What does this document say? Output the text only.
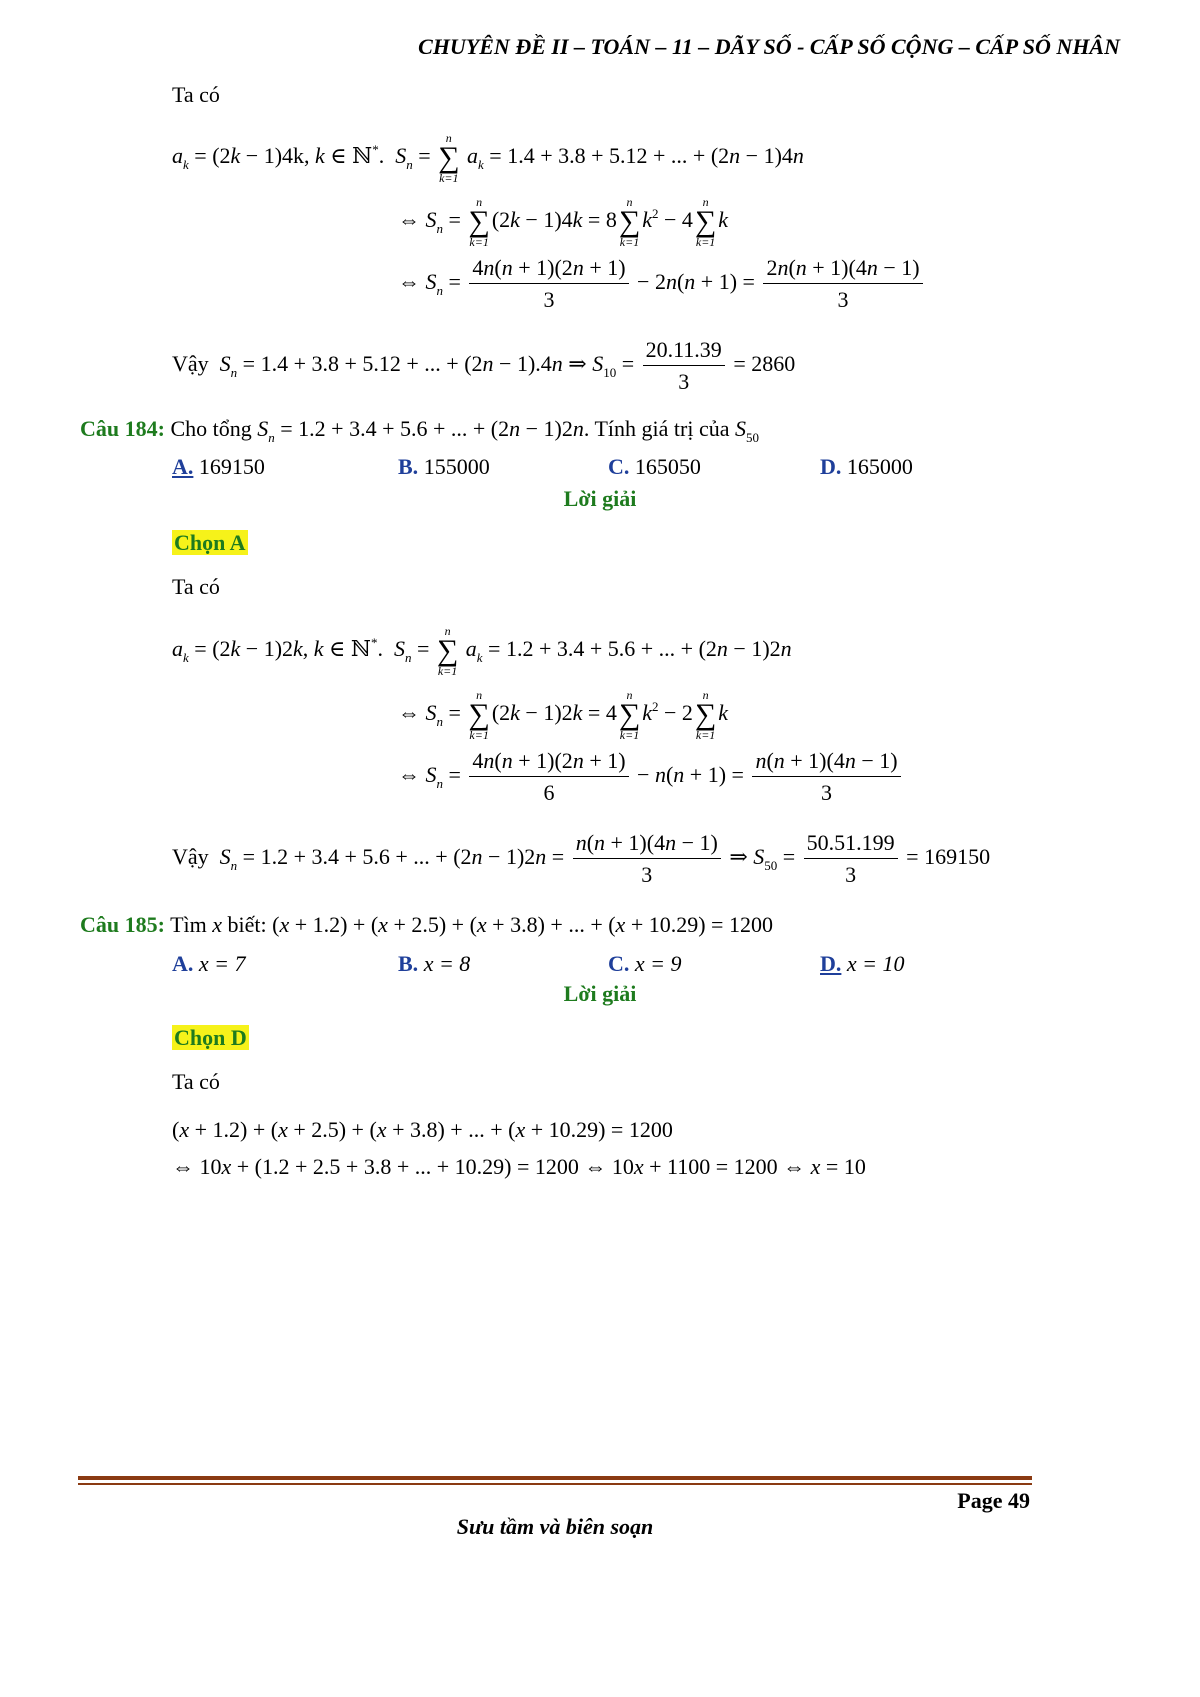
CHUYÊN ĐỀ II – TOÁN – 11 – DÃY SỐ - CẤP SỐ CỘNG – CẤP SỐ NHÂN
Ta có
$a_k = (2k - 1)4k$, k ∈ ℕ*.  $S_n$ =
n
∑
k=1
$a_k = 1.4 + 3.8 + 5.12$ + ... + (2n − 1)4n
⇔ $S_n$ =
n
∑
k=1
(2k − 1)4k = 8
n
∑
k=1
$k^2 - 4$
n
∑
k=1
k
⇔ $S_n = \frac{4n(n + 1)(2n + 1)}{3} - 2n(n + 1) = \frac{2n(n + 1)(4n - 1)}{3}$
Vậy $S_n = 1.4 + 3.8 + 5.12$ + ... + (2n − 1).4n ⇒ $S_{10} = \frac{20.11.39}{3} = 2860$
Câu 184: Cho tổng $S_n = 1.2 + 3.4 + 5.6$ + ... + (2n − 1)2n. Tính giá trị của $S_{50}$
A. 169150	B. 155000	C. 165050	D. 165000
Lời giải
Chọn A
Ta có
$a_k = (2k - 1)2k$, k ∈ ℕ*.  $S_n$ =
n
∑
k=1
$a_k = 1.2 + 3.4 + 5.6$ + ... + (2n − 1)2n
⇔ $S_n$ =
n
∑
k=1
(2k − 1)2k = 4
n
∑
k=1
$k^2 - 2$
n
∑
k=1
k
⇔ $S_n = \frac{4n(n + 1)(2n + 1)}{6} - n(n + 1) = \frac{n(n + 1)(4n - 1)}{3}$
Vậy $S_n = 1.2 + 3.4 + 5.6$ + ... + $(2n - 1)2n = \frac{n(n + 1)(4n - 1)}{3}$ ⇒ $S_{50} = \frac{50.51.199}{3} = 169150$
Câu 185: Tìm x biết: (x + 1.2) + (x + 2.5) + (x + 3.8) + ... + (x + 10.29) = 1200
A. x = 7	B. x = 8	C. x = 9	D. x = 10
Lời giải
Chọn D
Ta có
(x + 1.2) + (x + 2.5) + (x + 3.8) + ... + (x + 10.29) = 1200
⇔ 10x + (1.2 + 2.5 + 3.8 + ... + 10.29) = 1200 ⇔ 10x + 1100 = 1200 ⇔ x = 10
Page 49
Sưu tầm và biên soạn
